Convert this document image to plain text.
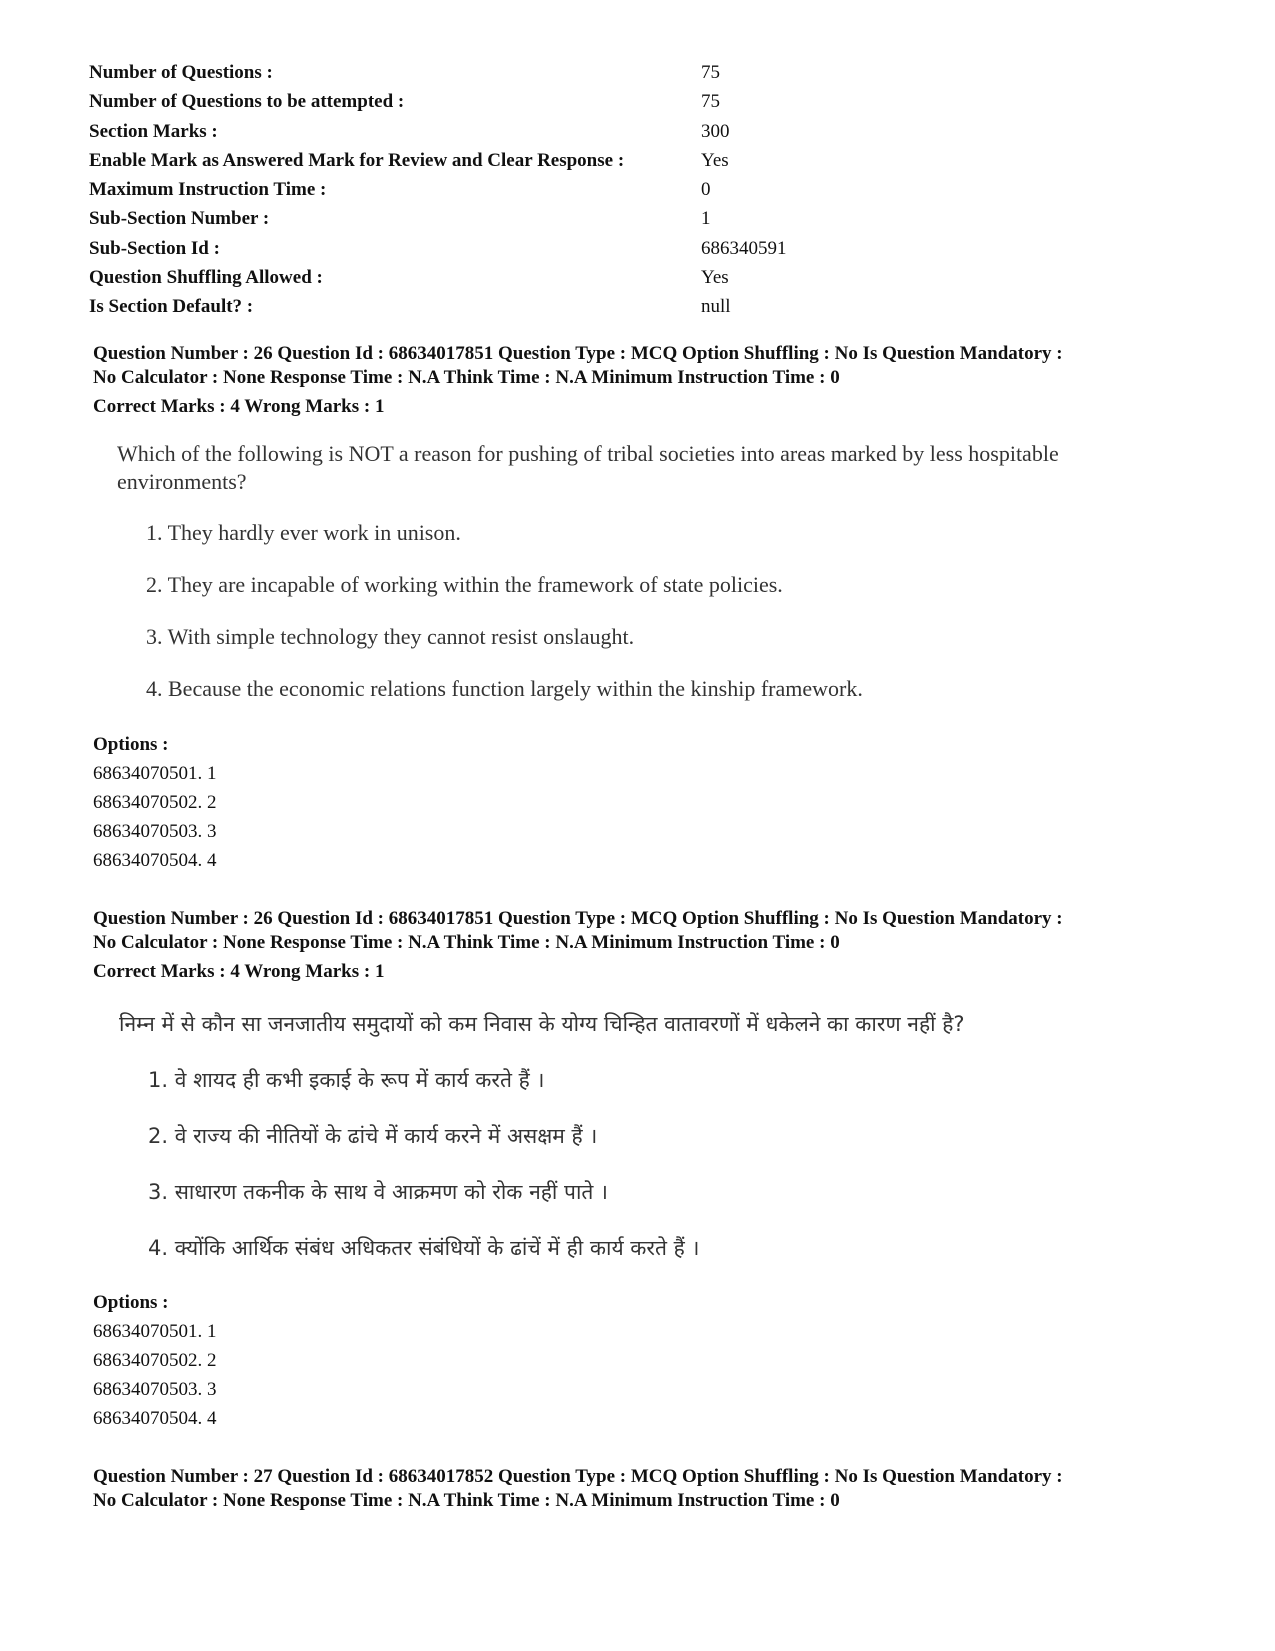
Number of Questions :	75
Number of Questions to be attempted :	75
Section Marks :	300
Enable Mark as Answered Mark for Review and Clear Response :	Yes
Maximum Instruction Time :	0
Sub-Section Number :	1
Sub-Section Id :	686340591
Question Shuffling Allowed :	Yes
Is Section Default? :	null

Question Number : 26 Question Id : 68634017851 Question Type : MCQ Option Shuffling : No Is Question Mandatory :

No Calculator : None Response Time : N.A Think Time : N.A Minimum Instruction Time : 0

Correct Marks : 4 Wrong Marks : 1
Which of the following is NOT a reason for pushing of tribal societies into areas marked by less hospitable
environments?
1. They hardly ever work in unison.
2. They are incapable of working within the framework of state policies.
3. With simple technology they cannot resist onslaught.
4. Because the economic relations function largely within the kinship framework.
Options :
68634070501. 1
68634070502. 2
68634070503. 3
68634070504. 4

Question Number : 26 Question Id : 68634017851 Question Type : MCQ Option Shuffling : No Is Question Mandatory :

No Calculator : None Response Time : N.A Think Time : N.A Minimum Instruction Time : 0

Correct Marks : 4 Wrong Marks : 1
निम्न में से कौन सा जनजातीय समुदायों को कम निवास के योग्य चिन्हित वातावरणों में धकेलने का कारण नहीं है?
1. वे शायद ही कभी इकाई के रूप में कार्य करते हैं ।
2. वे राज्य की नीतियों के ढांचे में कार्य करने में असक्षम हैं ।
3. साधारण तकनीक के साथ वे आक्रमण को रोक नहीं पाते ।
4. क्योंकि आर्थिक संबंध अधिकतर संबंधियों के ढांचें में ही कार्य करते हैं ।
Options :
68634070501. 1
68634070502. 2
68634070503. 3
68634070504. 4

Question Number : 27 Question Id : 68634017852 Question Type : MCQ Option Shuffling : No Is Question Mandatory :

No Calculator : None Response Time : N.A Think Time : N.A Minimum Instruction Time : 0
